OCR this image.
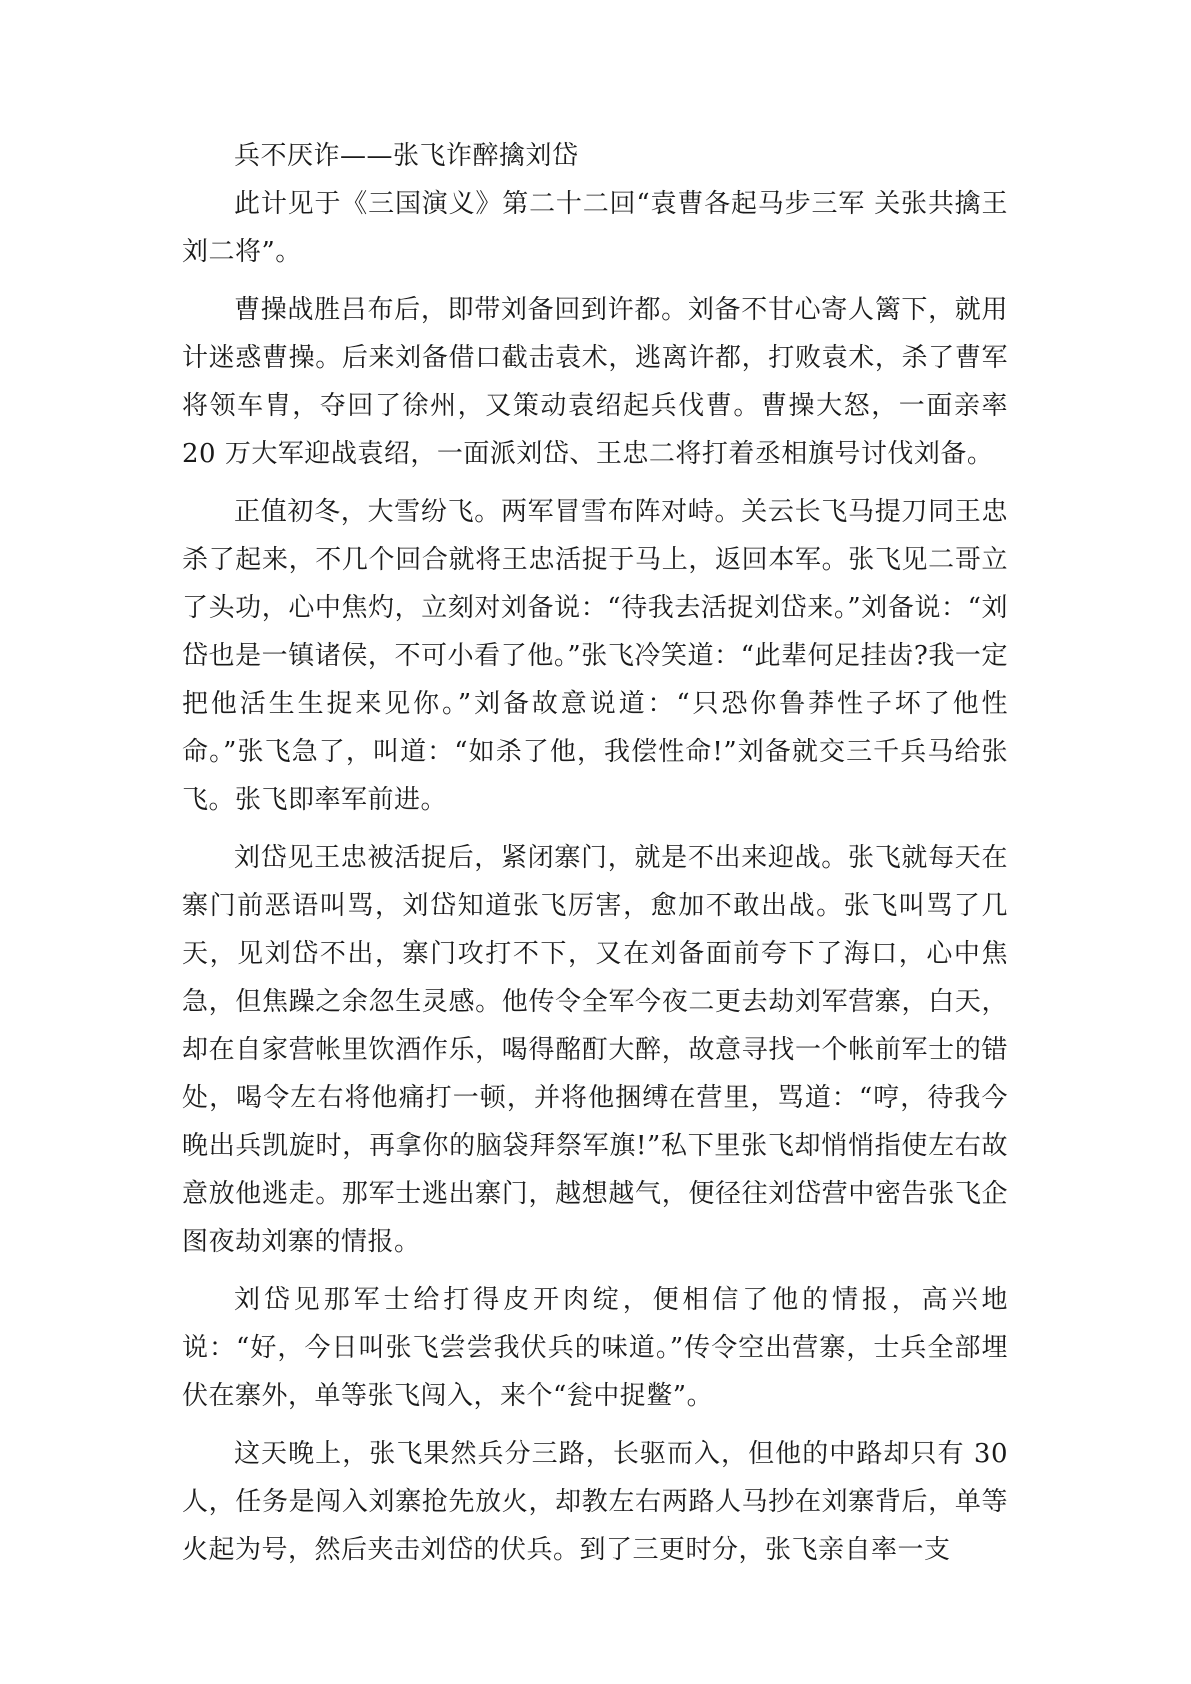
兵不厌诈——张飞诈醉擒刘岱

此计见于《三国演义》第二十二回“袁曹各起马步三军 关张共擒王刘二将”。

曹操战胜吕布后，即带刘备回到许都。刘备不甘心寄人篱下，就用计迷惑曹操。后来刘备借口截击袁术，逃离许都，打败袁术，杀了曹军将领车胄，夺回了徐州，又策动袁绍起兵伐曹。曹操大怒，一面亲率 20 万大军迎战袁绍，一面派刘岱、王忠二将打着丞相旗号讨伐刘备。

正值初冬，大雪纷飞。两军冒雪布阵对峙。关云长飞马提刀同王忠杀了起来，不几个回合就将王忠活捉于马上，返回本军。张飞见二哥立了头功，心中焦灼，立刻对刘备说：“待我去活捉刘岱来。”刘备说：“刘岱也是一镇诸侯，不可小看了他。”张飞冷笑道：“此辈何足挂齿?我一定把他活生生捉来见你。”刘备故意说道：“只恐你鲁莽性子坏了他性命。”张飞急了，叫道：“如杀了他，我偿性命!”刘备就交三千兵马给张飞。张飞即率军前进。

刘岱见王忠被活捉后，紧闭寨门，就是不出来迎战。张飞就每天在寨门前恶语叫骂，刘岱知道张飞厉害，愈加不敢出战。张飞叫骂了几天，见刘岱不出，寨门攻打不下，又在刘备面前夸下了海口，心中焦急，但焦躁之余忽生灵感。他传令全军今夜二更去劫刘军营寨，白天，却在自家营帐里饮酒作乐，喝得酩酊大醉，故意寻找一个帐前军士的错处，喝令左右将他痛打一顿，并将他捆缚在营里，骂道：“哼，待我今晚出兵凯旋时，再拿你的脑袋拜祭军旗!”私下里张飞却悄悄指使左右故意放他逃走。那军士逃出寨门，越想越气，便径往刘岱营中密告张飞企图夜劫刘寨的情报。

刘岱见那军士给打得皮开肉绽，便相信了他的情报，高兴地说：“好，今日叫张飞尝尝我伏兵的味道。”传令空出营寨，士兵全部埋伏在寨外，单等张飞闯入，来个“瓮中捉鳖”。

这天晚上，张飞果然兵分三路，长驱而入，但他的中路却只有 30 人，任务是闯入刘寨抢先放火，却教左右两路人马抄在刘寨背后，单等火起为号，然后夹击刘岱的伏兵。到了三更时分，张飞亲自率一支
